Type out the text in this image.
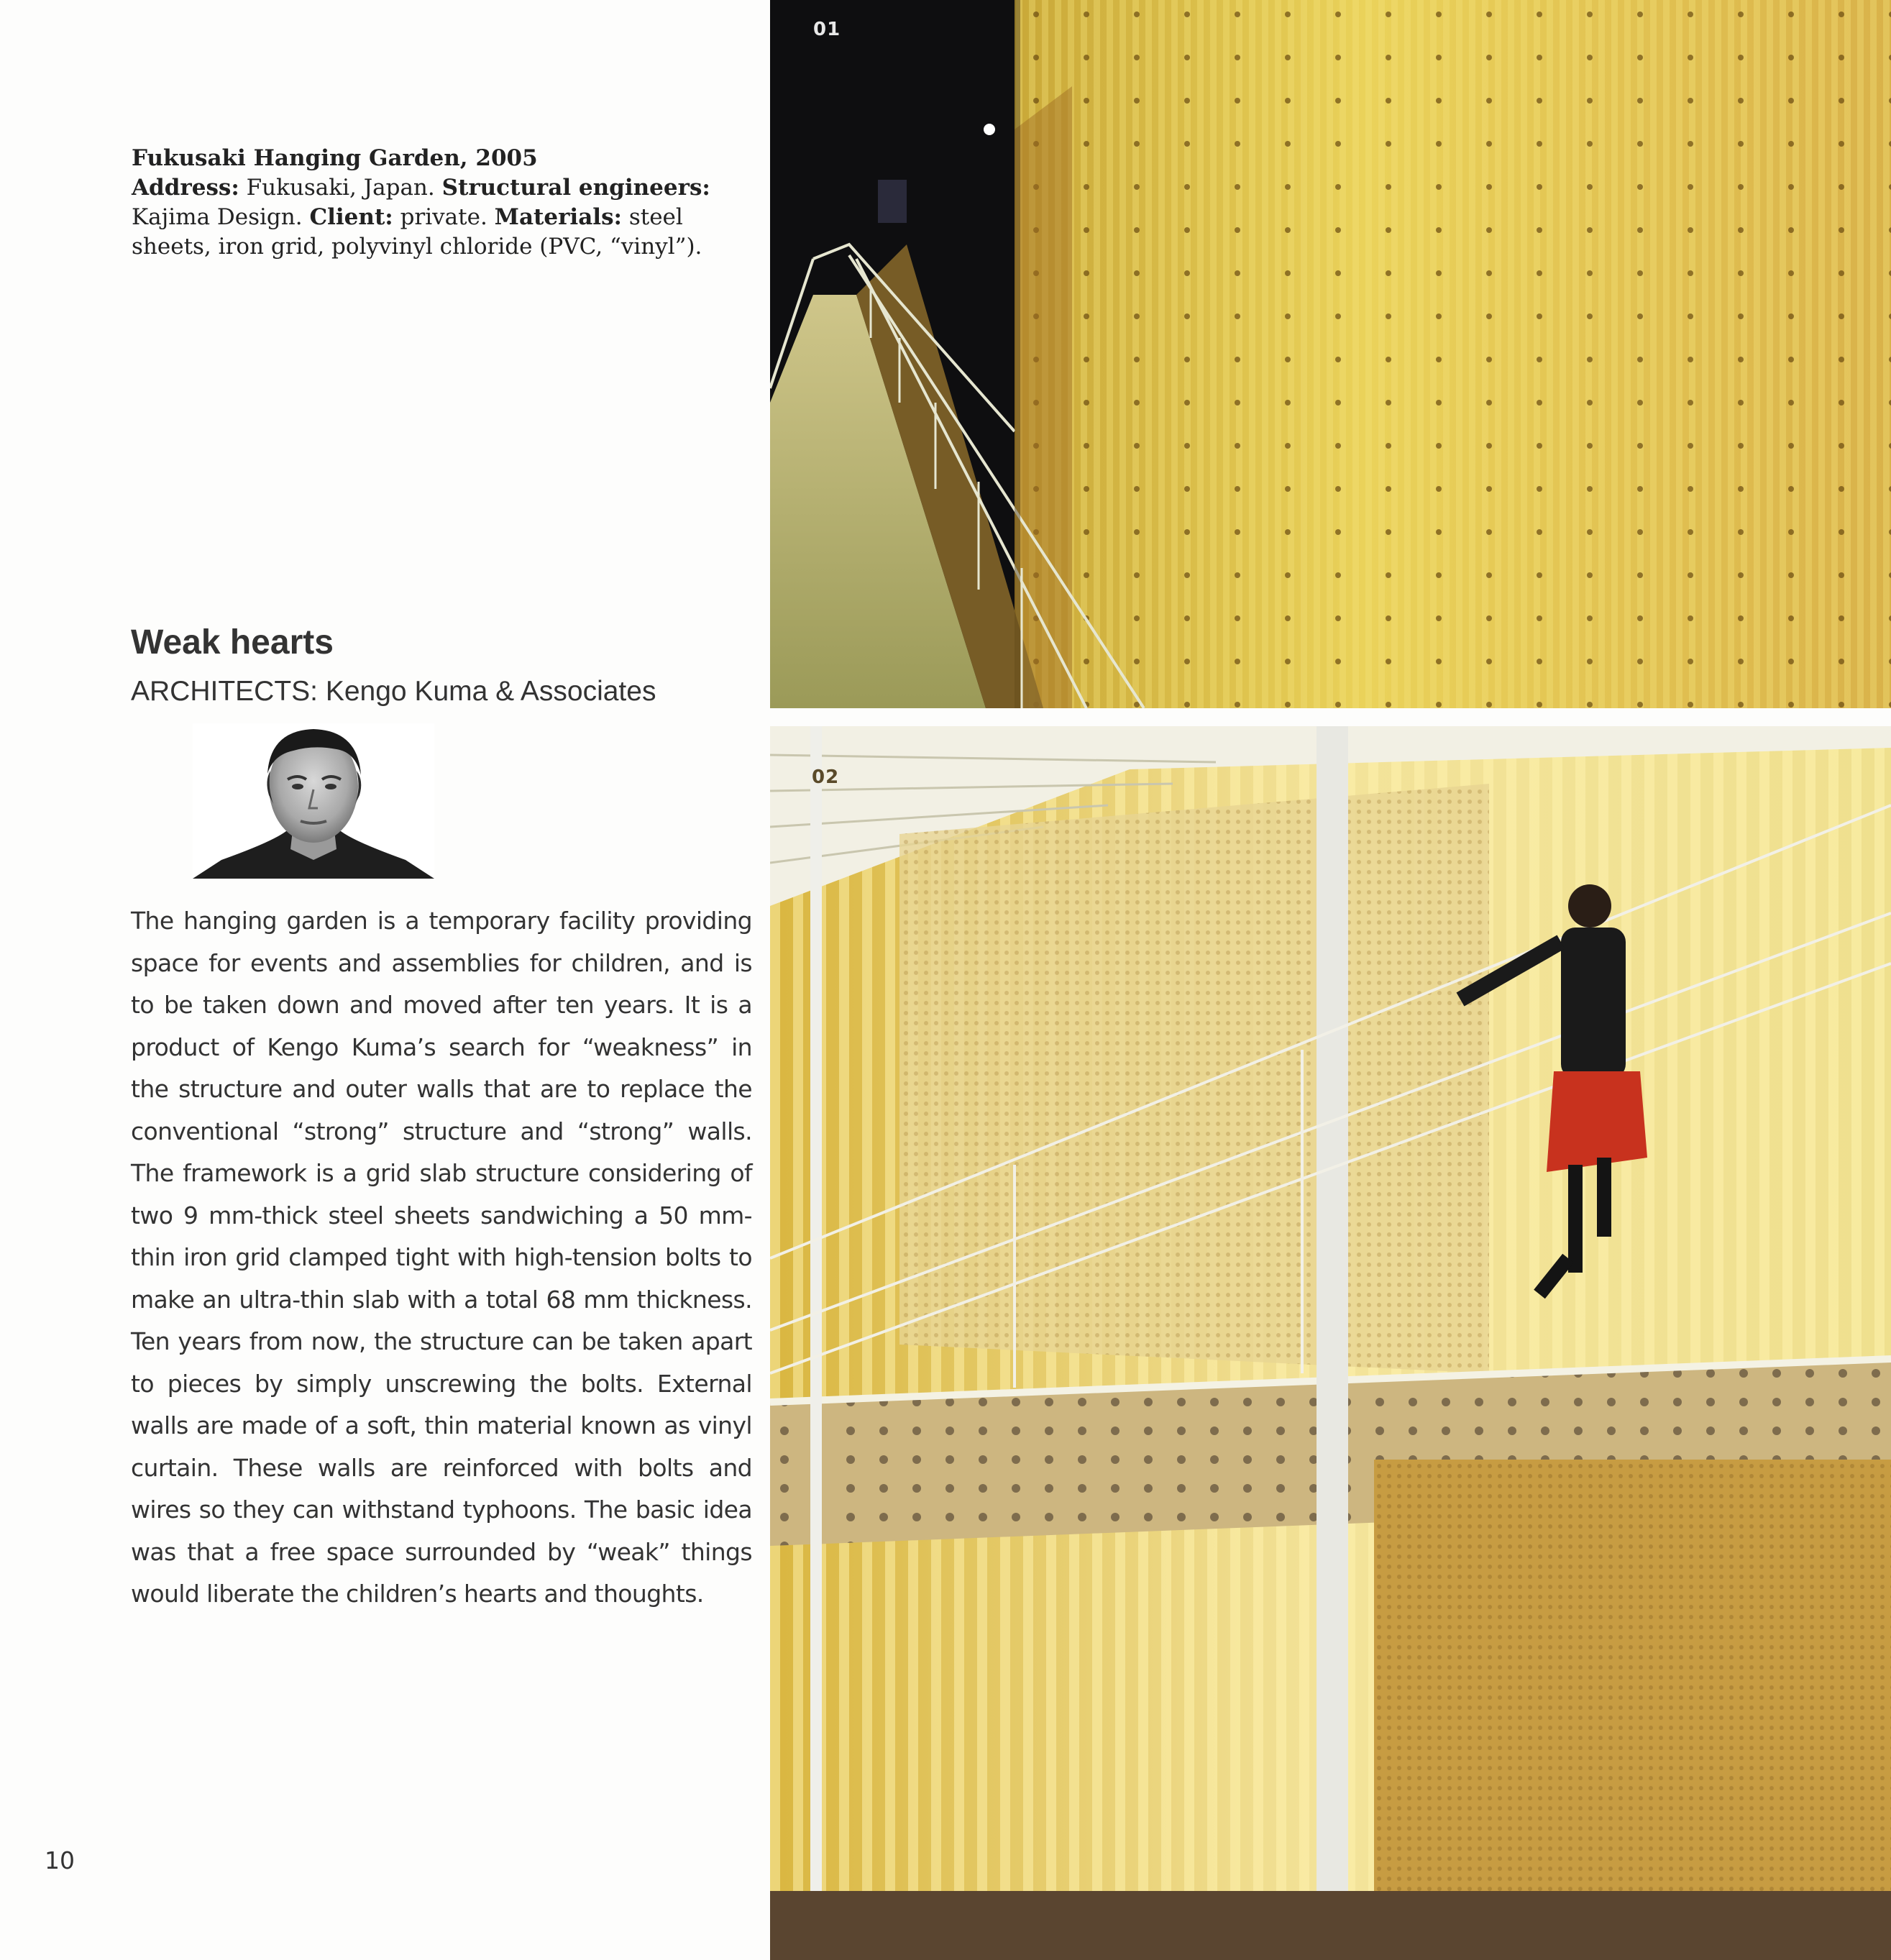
Fukusaki Hanging Garden, 2005
Address: Fukusaki, Japan. Structural engineers: Kajima Design. Client: private. Materials: steel sheets, iron grid, polyvinyl chloride (PVC, “vinyl”).
Weak hearts
ARCHITECTS: Kengo Kuma & Associates
The hanging garden is a temporary facility providing space for events and assemblies for children, and is to be taken down and moved after ten years. It is a product of Kengo Kuma’s search for “weakness” in the structure and outer walls that are to replace the conventional “strong” structure and “strong” walls. The framework is a grid slab structure considering of two 9 mm-thick steel sheets sandwiching a 50 mm-thin iron grid clamped tight with high-tension bolts to make an ultra-thin slab with a total 68 mm thickness. Ten years from now, the structure can be taken apart to pieces by simply unscrewing the bolts. External walls are made of a soft, thin material known as vinyl curtain. These walls are reinforced with bolts and wires so they can withstand typhoons. The basic idea was that a free space surrounded by “weak” things would liberate the children’s hearts and thoughts.
10
01
02
